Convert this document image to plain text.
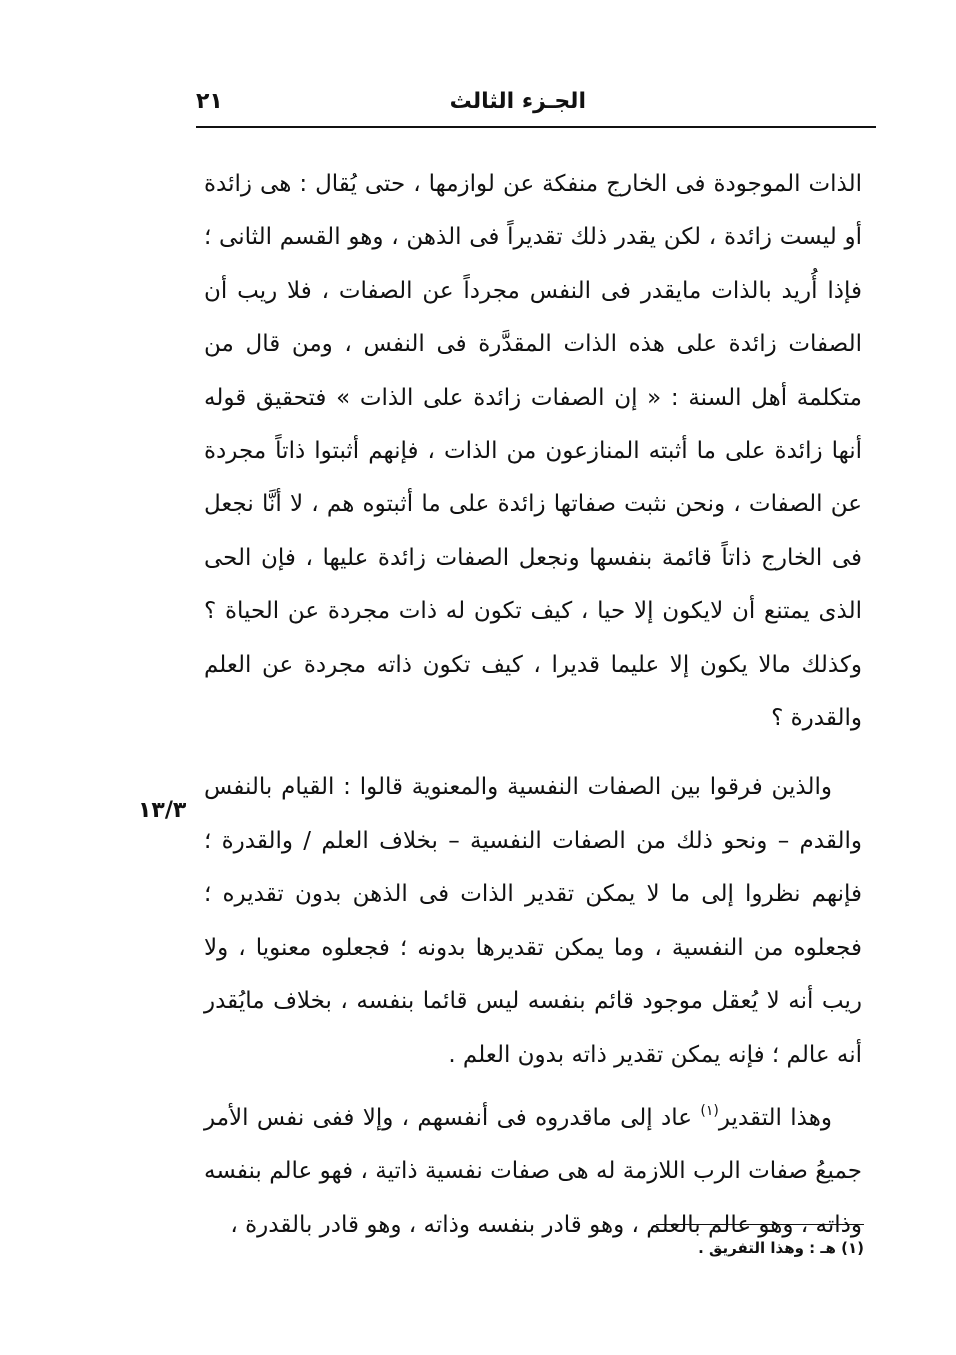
الجـزء الثالث
٢١

الذات الموجودة فى الخارج منفكة عن لوازمها ، حتى يُقال : هى زائدة أو ليست زائدة ، لكن يقدر ذلك تقديراً فى الذهن ، وهو القسم الثانى ؛ فإذا أُريد بالذات مايقدر فى النفس مجرداً عن الصفات ، فلا ريب أن الصفات زائدة على هذه الذات المقدَّرة فى النفس ، ومن قال من متكلمة أهل السنة : « إن الصفات زائدة على الذات » فتحقيق قوله أنها زائدة على ما أثبته المنازعون من الذات ، فإنهم أثبتوا ذاتاً مجردة عن الصفات ، ونحن نثبت صفاتها زائدة على ما أثبتوه هم ، لا أنَّا نجعل فى الخارج ذاتاً قائمة بنفسها ونجعل الصفات زائدة عليها ، فإن الحى الذى يمتنع أن لايكون إلا حيا ، كيف تكون له ذات مجردة عن الحياة ؟ وكذلك مالا يكون إلا عليما قديرا ، كيف تكون ذاته مجردة عن العلم والقدرة ؟

والذين فرقوا بين الصفات النفسية والمعنوية قالوا : القيام بالنفس والقدم – ونحو ذلك من الصفات النفسية – بخلاف العلم / والقدرة ؛ فإنهم نظروا إلى ما لا يمكن تقدير الذات فى الذهن بدون تقديره ؛ فجعلوه من النفسية ، وما يمكن تقديرها بدونه ؛ فجعلوه معنويا ، ولا ريب أنه لا يُعقل موجود قائم بنفسه ليس قائما بنفسه ، بخلاف مايُقدر أنه عالم ؛ فإنه يمكن تقدير ذاته بدون العلم .

وهذا التقدير$^{(١)}$ عاد إلى ماقدروه فى أنفسهم ، وإلا ففى نفس الأمر جميعُ صفات الرب اللازمة له هى صفات نفسية ذاتية ، فهو عالم بنفسه وذاته ، وهو عالم بالعلم ، وهو قادر بنفسه وذاته ، وهو قادر بالقدرة ،

١٣/٣
(١) هـ : وهذا التفريق .
